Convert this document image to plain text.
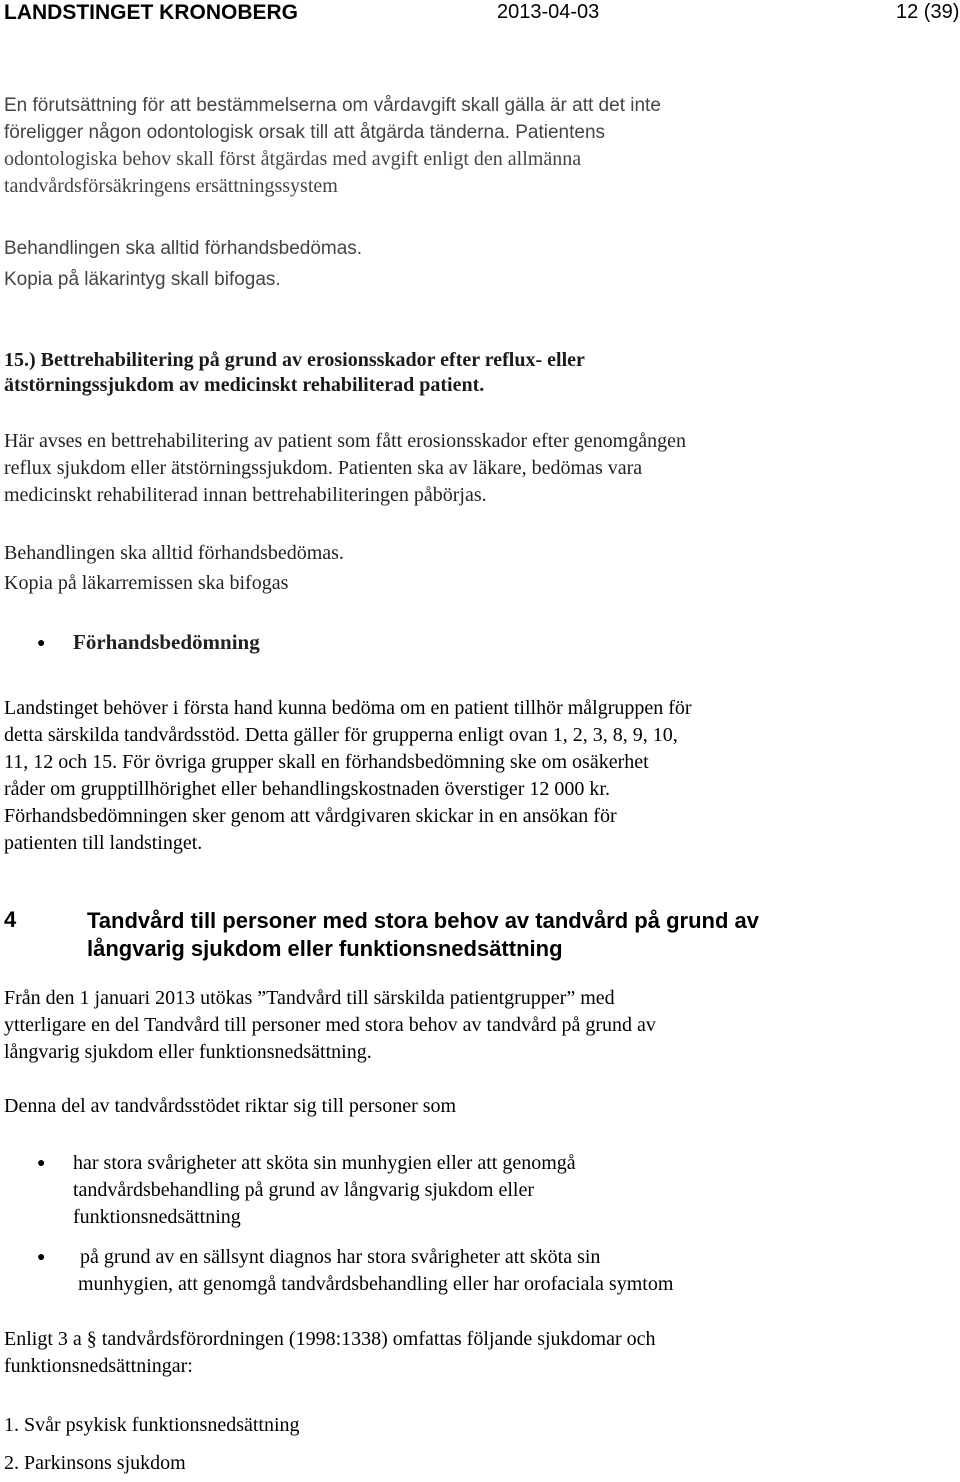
LANDSTINGET KRONOBERG	2013-04-03	12 (39)
En förutsättning för att bestämmelserna om vårdavgift skall gälla är att det inte
föreligger någon odontologisk orsak till att åtgärda tänderna. Patientens
odontologiska behov skall först åtgärdas med avgift enligt den allmänna
tandvårdsförsäkringens ersättningssystem
Behandlingen ska alltid förhandsbedömas.
Kopia på läkarintyg skall bifogas.
15.) Bettrehabilitering på grund av erosionsskador efter reflux- eller
ätstörningssjukdom av medicinskt rehabiliterad patient.
Här avses en bettrehabilitering av patient som fått erosionsskador efter genomgången
reflux sjukdom eller ätstörningssjukdom. Patienten ska av läkare, bedömas vara
medicinskt rehabiliterad innan bettrehabiliteringen påbörjas.
Behandlingen ska alltid förhandsbedömas.
Kopia på läkarremissen ska bifogas
● Förhandsbedömning
Landstinget behöver i första hand kunna bedöma om en patient tillhör målgruppen för
detta särskilda tandvårdsstöd. Detta gäller för grupperna enligt ovan 1, 2, 3, 8, 9, 10,
11, 12 och 15. För övriga grupper skall en förhandsbedömning ske om osäkerhet
råder om grupptillhörighet eller behandlingskostnaden överstiger 12 000 kr.
Förhandsbedömningen sker genom att vårdgivaren skickar in en ansökan för
patienten till landstinget.
4	Tandvård till personer med stora behov av tandvård på grund av
långvarig sjukdom eller funktionsnedsättning
Från den 1 januari 2013 utökas ”Tandvård till särskilda patientgrupper” med
ytterligare en del Tandvård till personer med stora behov av tandvård på grund av
långvarig sjukdom eller funktionsnedsättning.
Denna del av tandvårdsstödet riktar sig till personer som
● har stora svårigheter att sköta sin munhygien eller att genomgå
tandvårdsbehandling på grund av långvarig sjukdom eller
funktionsnedsättning
● på grund av en sällsynt diagnos har stora svårigheter att sköta sin
munhygien, att genomgå tandvårdsbehandling eller har orofaciala symtom
Enligt 3 a § tandvårdsförordningen (1998:1338) omfattas följande sjukdomar och
funktionsnedsättningar:
1. Svår psykisk funktionsnedsättning
2. Parkinsons sjukdom
